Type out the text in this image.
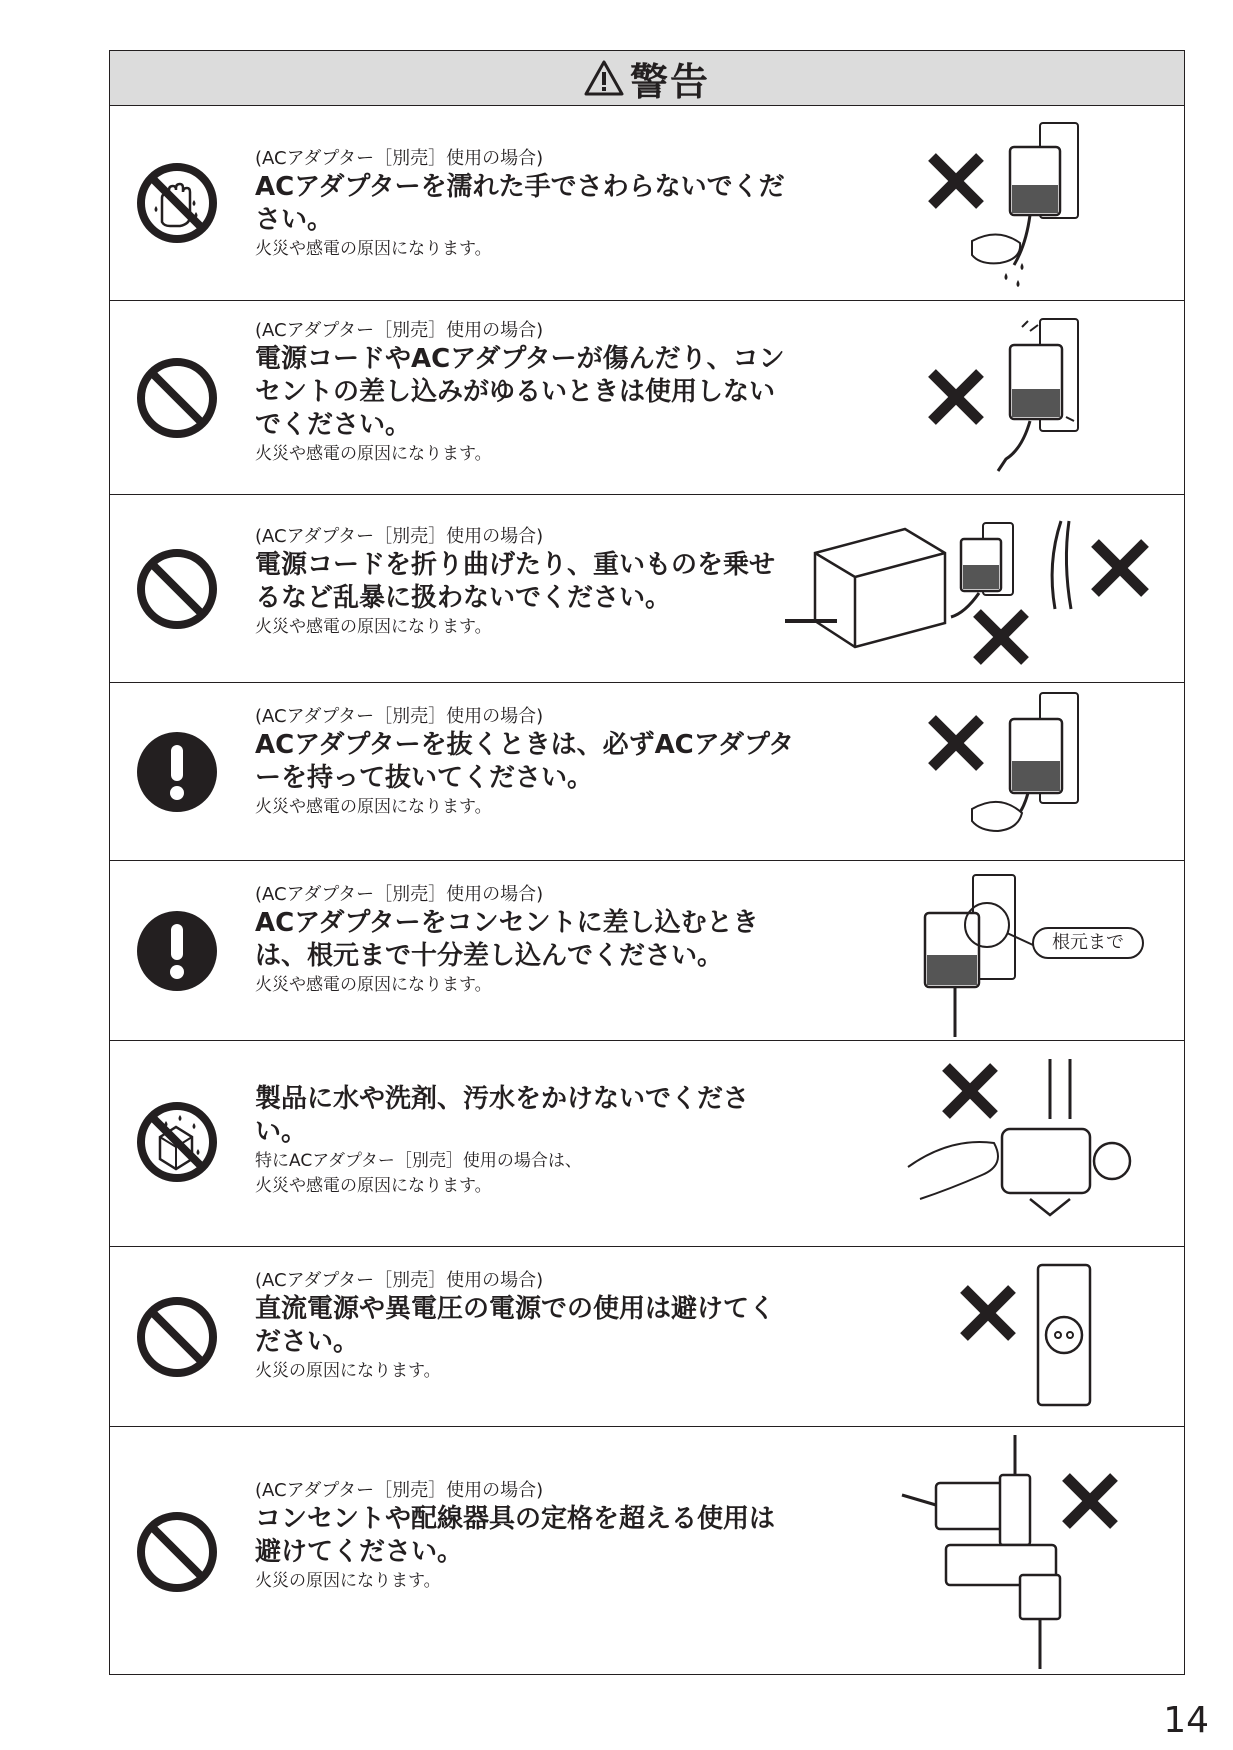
警告
(ACアダプター［別売］使用の場合)
ACアダプターを濡れた手でさわらないでください。
火災や感電の原因になります。
(ACアダプター［別売］使用の場合)
電源コードやACアダプターが傷んだり、コンセントの差し込みがゆるいときは使用しないでください。
火災や感電の原因になります。
(ACアダプター［別売］使用の場合)
電源コードを折り曲げたり、重いものを乗せるなど乱暴に扱わないでください。
火災や感電の原因になります。
(ACアダプター［別売］使用の場合)
ACアダプターを抜くときは、必ずACアダプターを持って抜いてください。
火災や感電の原因になります。
(ACアダプター［別売］使用の場合)
ACアダプターをコンセントに差し込むときは、根元まで十分差し込んでください。
火災や感電の原因になります。
根元まで
製品に水や洗剤、汚水をかけないでください。
特にACアダプター［別売］使用の場合は、
火災や感電の原因になります。
(ACアダプター［別売］使用の場合)
直流電源や異電圧の電源での使用は避けてください。
火災の原因になります。
(ACアダプター［別売］使用の場合)
コンセントや配線器具の定格を超える使用は避けてください。
火災の原因になります。
14
